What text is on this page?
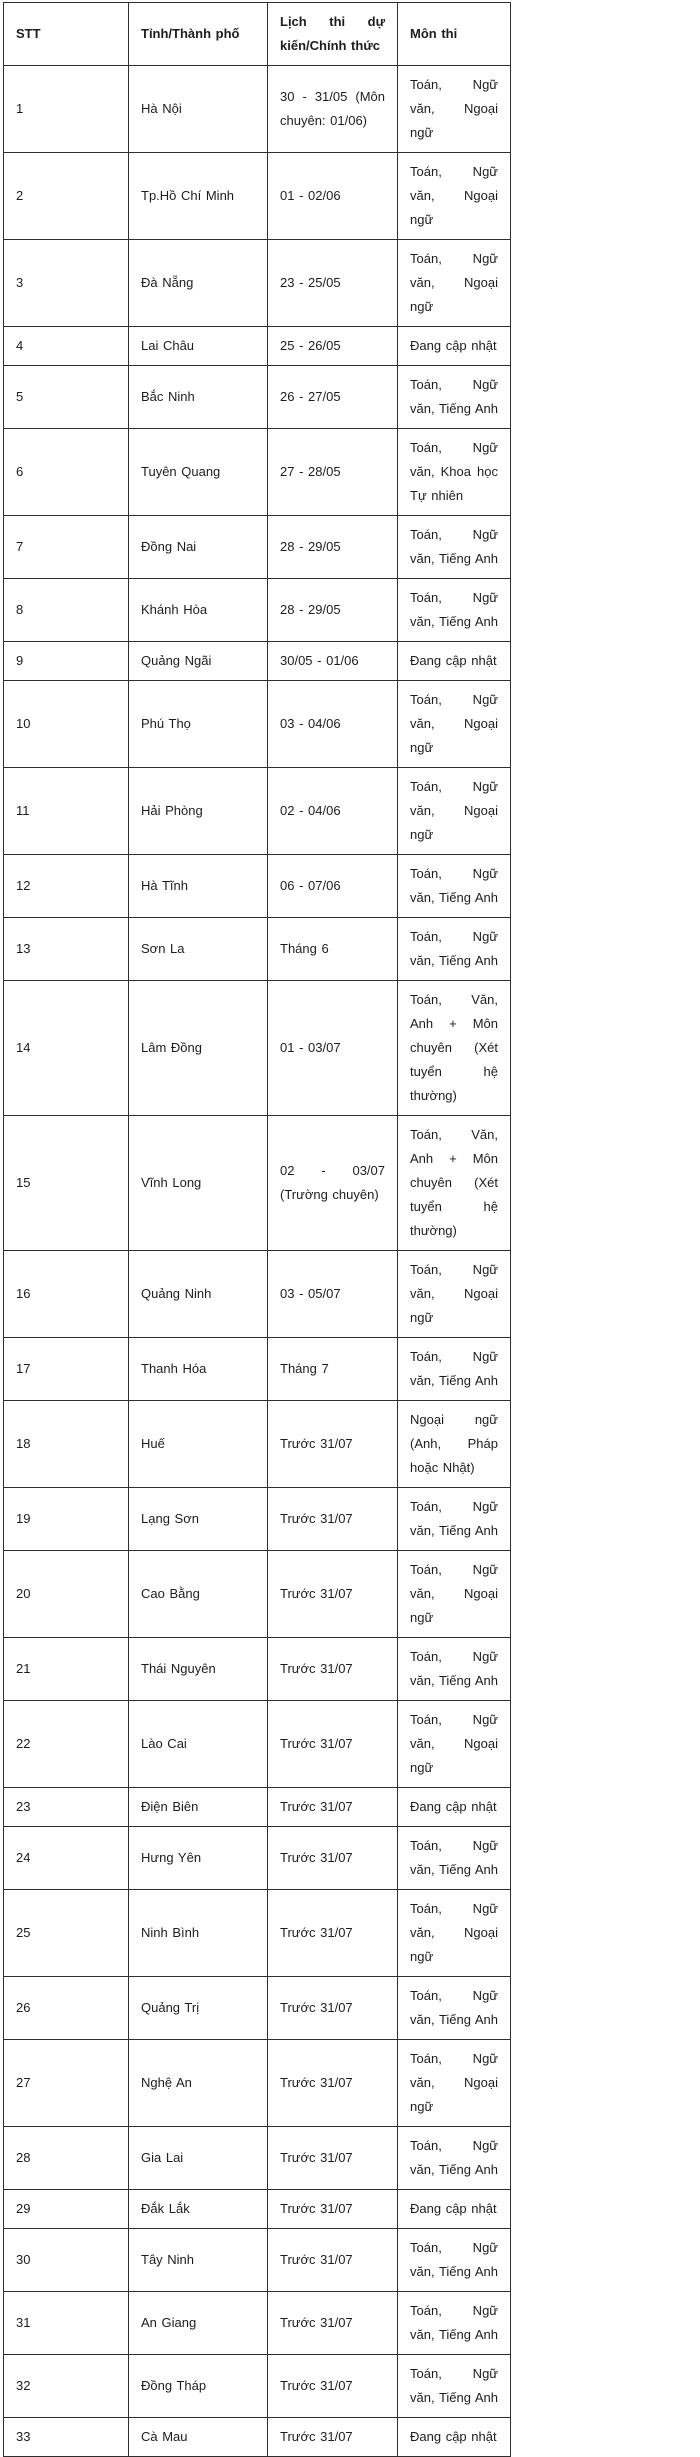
STT	Tỉnh/Thành phố	Lịch thi dự kiến/Chính thức	Môn thi
1	Hà Nội	30 - 31/05 (Môn chuyên: 01/06)	Toán, Ngữ văn, Ngoại ngữ
2	Tp.Hồ Chí Minh	01 - 02/06	Toán, Ngữ văn, Ngoại ngữ
3	Đà Nẵng	23 - 25/05	Toán, Ngữ văn, Ngoại ngữ
4	Lai Châu	25 - 26/05	Đang cập nhật
5	Bắc Ninh	26 - 27/05	Toán, Ngữ văn, Tiếng Anh
6	Tuyên Quang	27 - 28/05	Toán, Ngữ văn, Khoa học Tự nhiên
7	Đồng Nai	28 - 29/05	Toán, Ngữ văn, Tiếng Anh
8	Khánh Hòa	28 - 29/05	Toán, Ngữ văn, Tiếng Anh
9	Quảng Ngãi	30/05 - 01/06	Đang cập nhật
10	Phú Thọ	03 - 04/06	Toán, Ngữ văn, Ngoại ngữ
11	Hải Phòng	02 - 04/06	Toán, Ngữ văn, Ngoại ngữ
12	Hà Tĩnh	06 - 07/06	Toán, Ngữ văn, Tiếng Anh
13	Sơn La	Tháng 6	Toán, Ngữ văn, Tiếng Anh
14	Lâm Đồng	01 - 03/07	Toán, Văn, Anh + Môn chuyên (Xét tuyển hệ thường)
15	Vĩnh Long	02 - 03/07 (Trường chuyên)	Toán, Văn, Anh + Môn chuyên (Xét tuyển hệ thường)
16	Quảng Ninh	03 - 05/07	Toán, Ngữ văn, Ngoại ngữ
17	Thanh Hóa	Tháng 7	Toán, Ngữ văn, Tiếng Anh
18	Huế	Trước 31/07	Ngoại ngữ (Anh, Pháp hoặc Nhật)
19	Lạng Sơn	Trước 31/07	Toán, Ngữ văn, Tiếng Anh
20	Cao Bằng	Trước 31/07	Toán, Ngữ văn, Ngoại ngữ
21	Thái Nguyên	Trước 31/07	Toán, Ngữ văn, Tiếng Anh
22	Lào Cai	Trước 31/07	Toán, Ngữ văn, Ngoại ngữ
23	Điện Biên	Trước 31/07	Đang cập nhật
24	Hưng Yên	Trước 31/07	Toán, Ngữ văn, Tiếng Anh
25	Ninh Bình	Trước 31/07	Toán, Ngữ văn, Ngoại ngữ
26	Quảng Trị	Trước 31/07	Toán, Ngữ văn, Tiếng Anh
27	Nghệ An	Trước 31/07	Toán, Ngữ văn, Ngoại ngữ
28	Gia Lai	Trước 31/07	Toán, Ngữ văn, Tiếng Anh
29	Đắk Lắk	Trước 31/07	Đang cập nhật
30	Tây Ninh	Trước 31/07	Toán, Ngữ văn, Tiếng Anh
31	An Giang	Trước 31/07	Toán, Ngữ văn, Tiếng Anh
32	Đồng Tháp	Trước 31/07	Toán, Ngữ văn, Tiếng Anh
33	Cà Mau	Trước 31/07	Đang cập nhật
